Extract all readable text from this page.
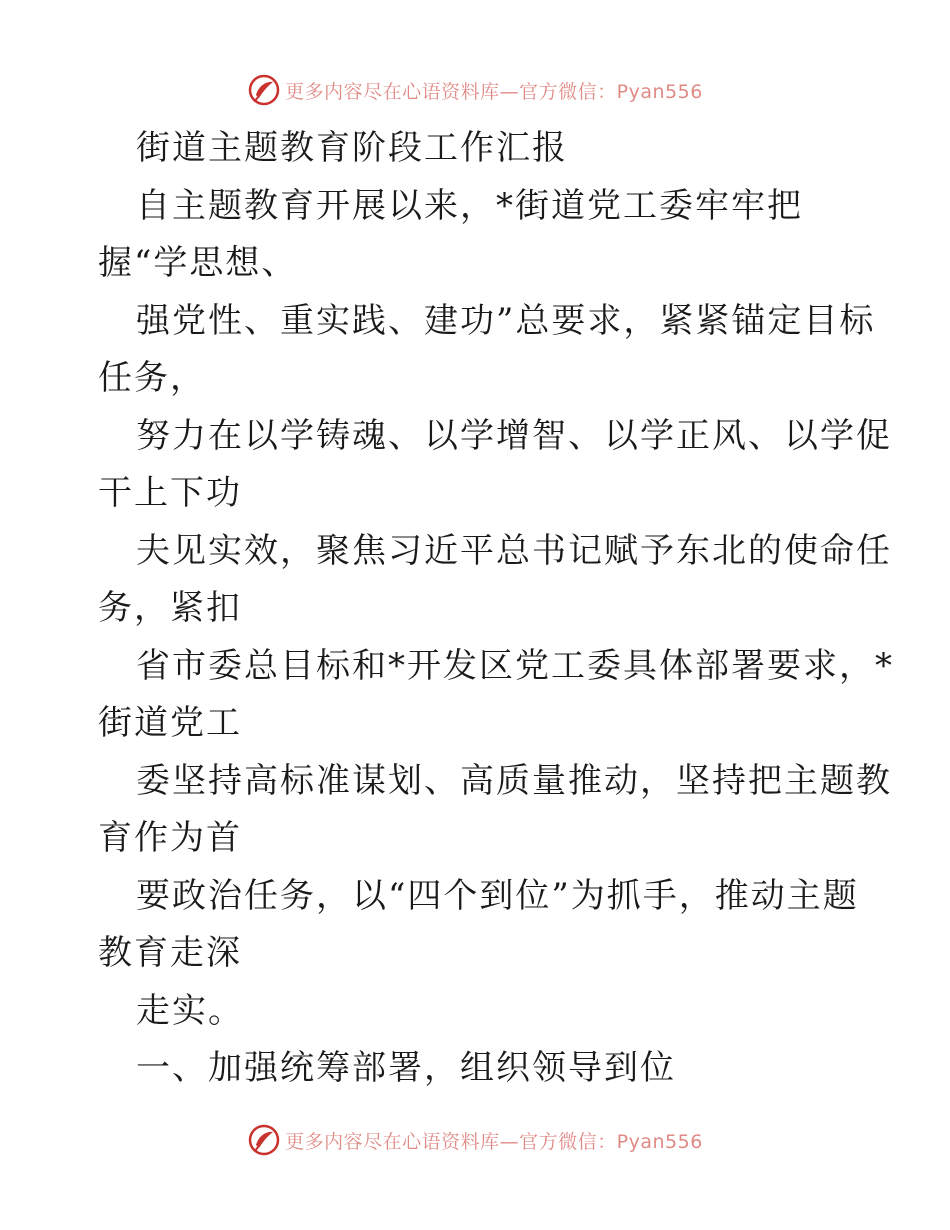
更多内容尽在心语资料库—官方微信：Pyan556
街道主题教育阶段工作汇报
自主题教育开展以来，*街道党工委牢牢把
握“学思想、
强党性、重实践、建功”总要求，紧紧锚定目标
任务，
努力在以学铸魂、以学增智、以学正风、以学促
干上下功
夫见实效，聚焦习近平总书记赋予东北的使命任
务，紧扣
省市委总目标和*开发区党工委具体部署要求，*
街道党工
委坚持高标准谋划、高质量推动，坚持把主题教
育作为首
要政治任务，以“四个到位”为抓手，推动主题
教育走深
走实。
一、加强统筹部署，组织领导到位
更多内容尽在心语资料库—官方微信：Pyan556
